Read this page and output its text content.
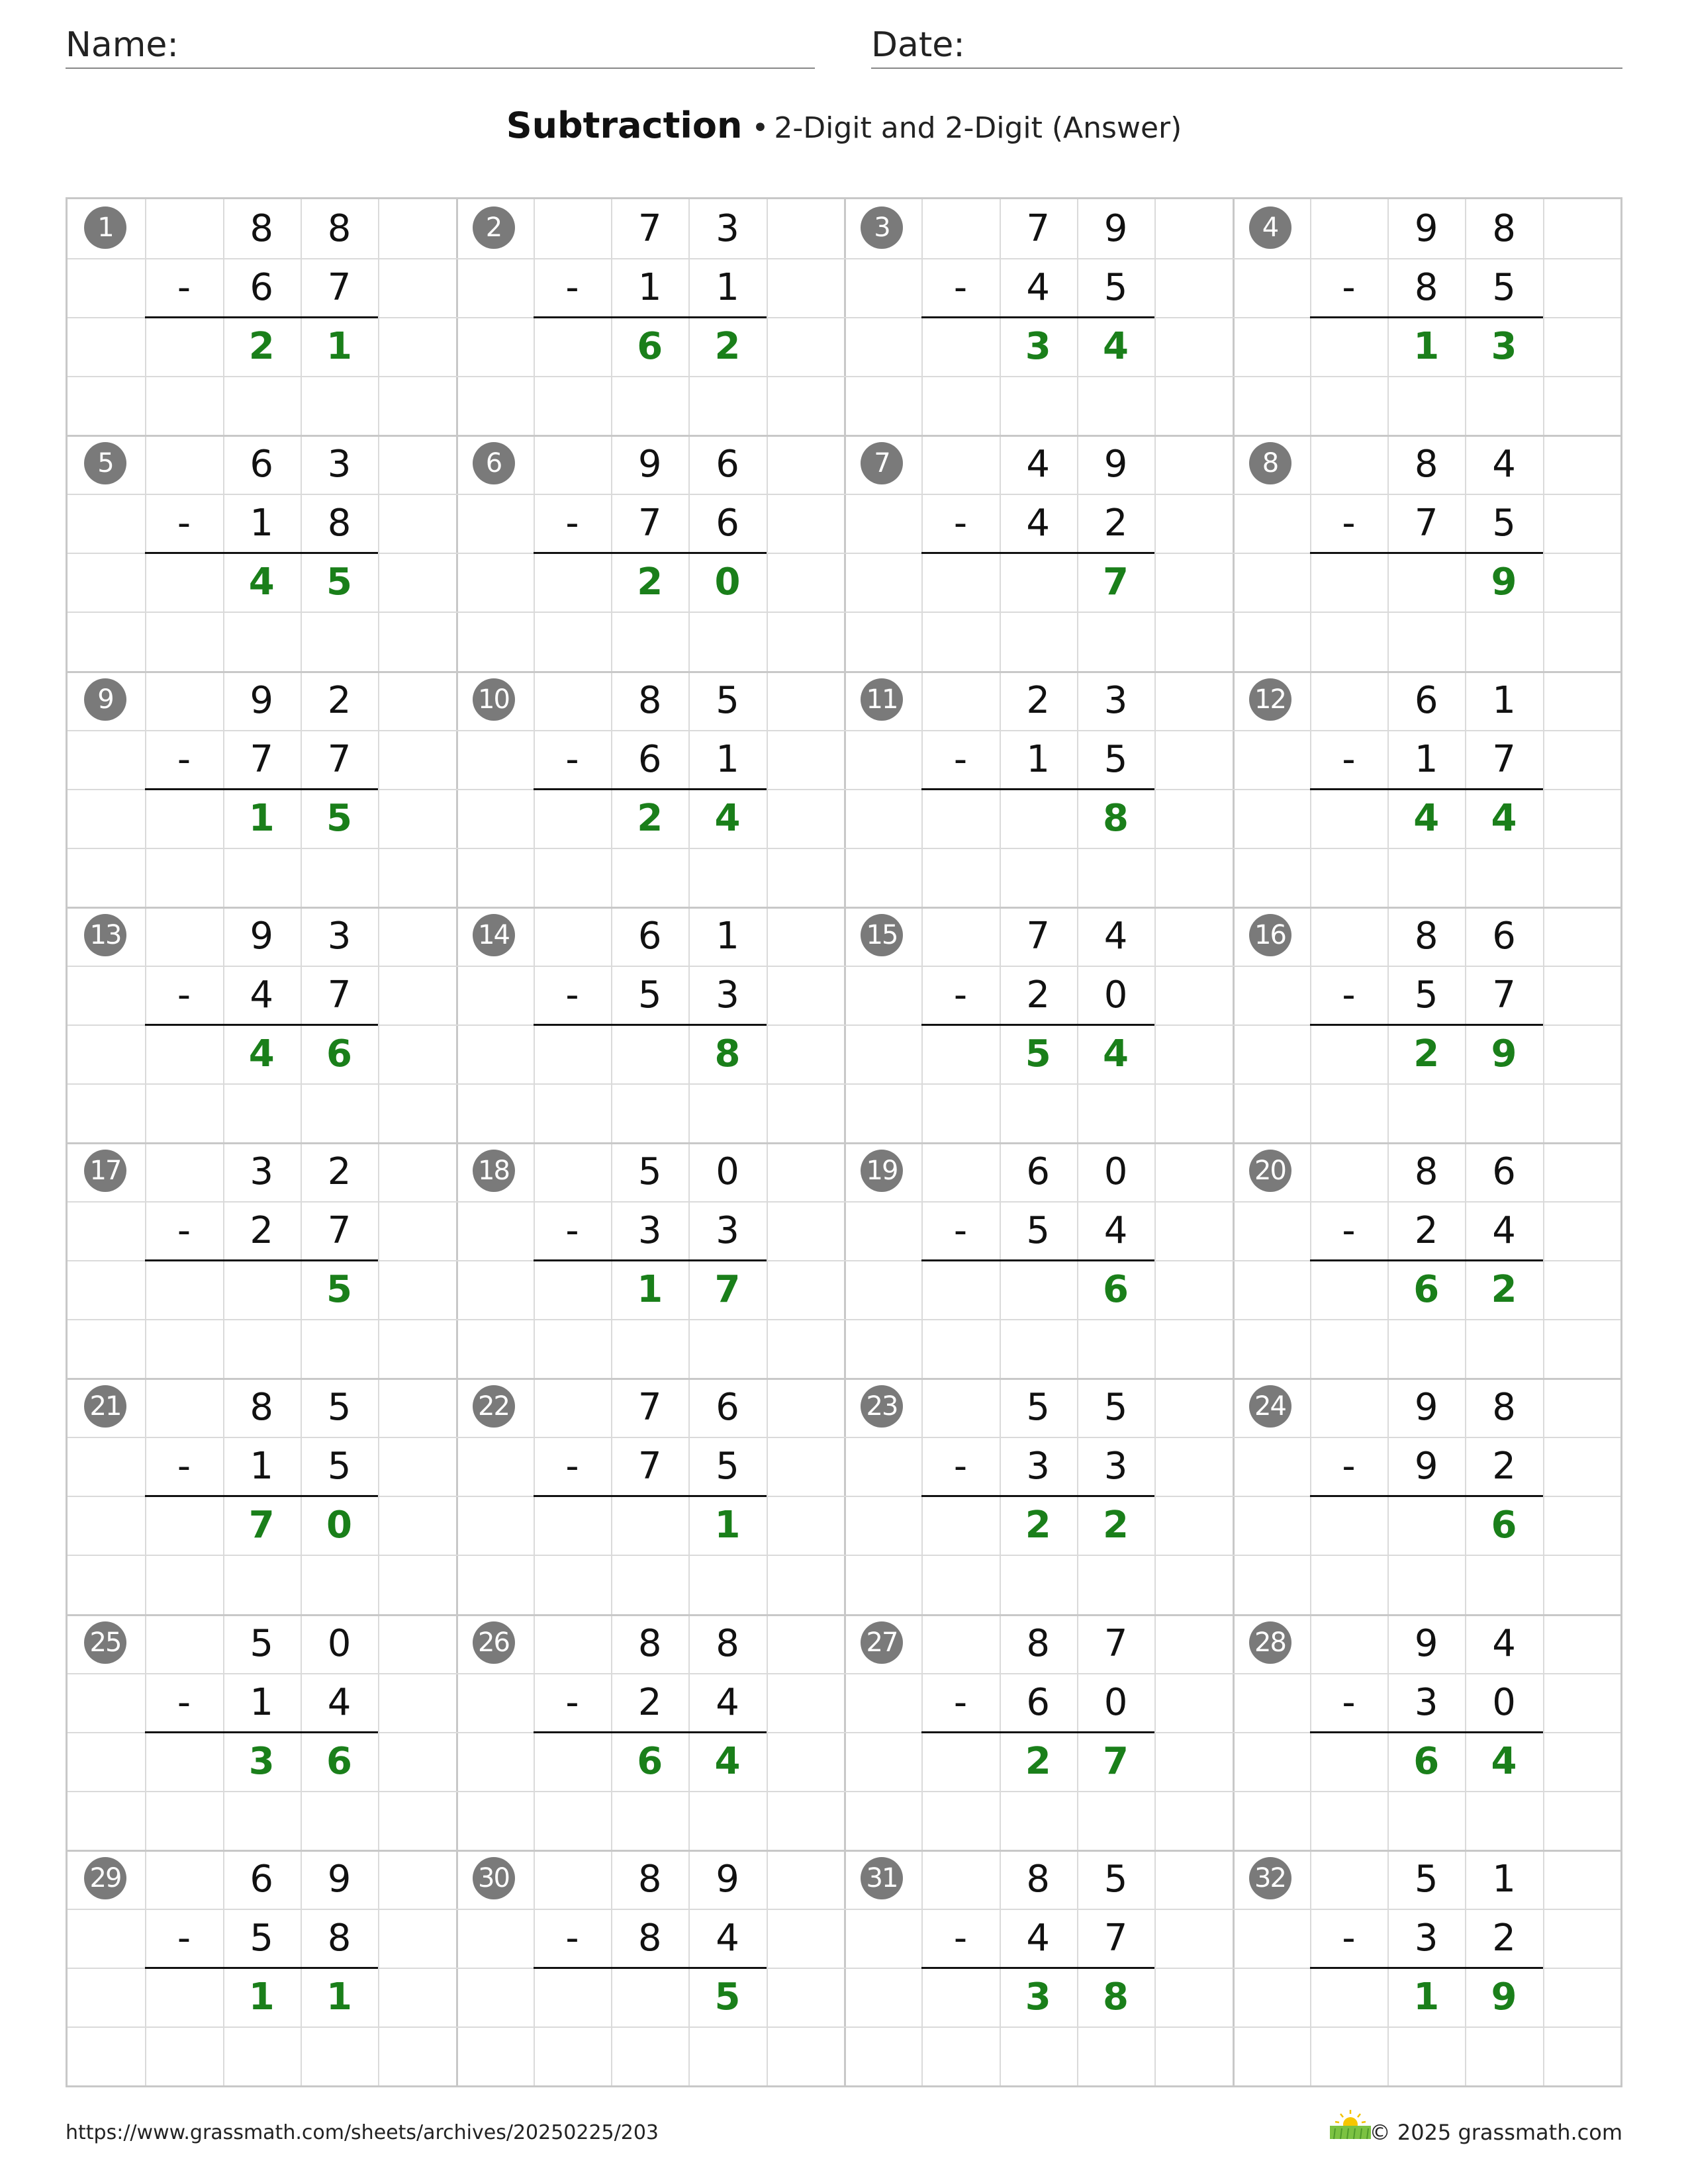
Name:	Date:
Subtraction • 2-Digit and 2-Digit (Answer)
1	8	8
-	6	7
2	1
2	7	3
-	1	1
6	2
3	7	9
-	4	5
3	4
4	9	8
-	8	5
1	3
5	6	3
-	1	8
4	5
6	9	6
-	7	6
2	0
7	4	9
-	4	2
7
8	8	4
-	7	5
9
9	9	2
-	7	7
1	5
10	8	5
-	6	1
2	4
11	2	3
-	1	5
8
12	6	1
-	1	7
4	4
13	9	3
-	4	7
4	6
14	6	1
-	5	3
8
15	7	4
-	2	0
5	4
16	8	6
-	5	7
2	9
17	3	2
-	2	7
5
18	5	0
-	3	3
1	7
19	6	0
-	5	4
6
20	8	6
-	2	4
6	2
21	8	5
-	1	5
7	0
22	7	6
-	7	5
1
23	5	5
-	3	3
2	2
24	9	8
-	9	2
6
25	5	0
-	1	4
3	6
26	8	8
-	2	4
6	4
27	8	7
-	6	0
2	7
28	9	4
-	3	0
6	4
29	6	9
-	5	8
1	1
30	8	9
-	8	4
5
31	8	5
-	4	7
3	8
32	5	1
-	3	2
1	9
https://www.grassmath.com/sheets/archives/20250225/203	© 2025 grassmath.com
